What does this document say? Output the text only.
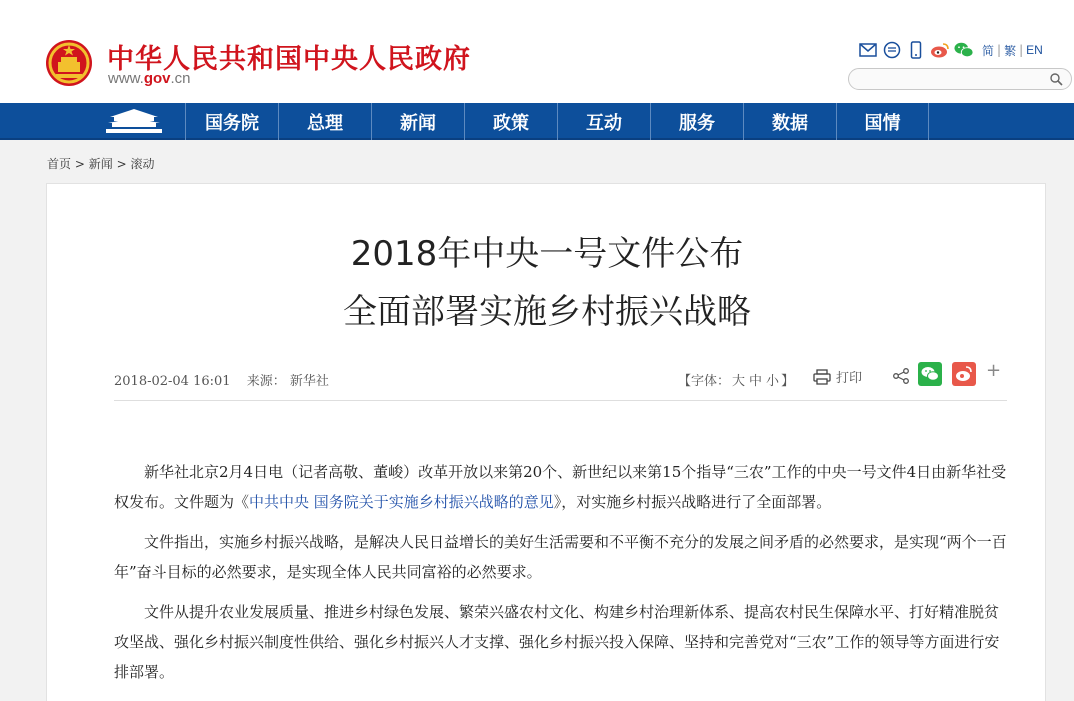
中华人民共和国中央人民政府
www.gov.cn
简 | 繁 | EN
国务院	总理	新闻	政策	互动	服务	数据	国情
首页 > 新闻 > 滚动
2018年中央一号文件公布
全面部署实施乡村振兴战略
2018-02-04 16:01 来源： 新华社	【字体： 大 中 小 】	打印	+

新华社北京2月4日电（记者高敬、董峻）改革开放以来第20个、新世纪以来第15个指导“三农”工作的中央一号文件4日由新华社受权发布。文件题为《中共中央 国务院关于实施乡村振兴战略的意见》，对实施乡村振兴战略进行了全面部署。

文件指出，实施乡村振兴战略，是解决人民日益增长的美好生活需要和不平衡不充分的发展之间矛盾的必然要求，是实现“两个一百年”奋斗目标的必然要求，是实现全体人民共同富裕的必然要求。

文件从提升农业发展质量、推进乡村绿色发展、繁荣兴盛农村文化、构建乡村治理新体系、提高农村民生保障水平、打好精准脱贫攻坚战、强化乡村振兴制度性供给、强化乡村振兴人才支撑、强化乡村振兴投入保障、坚持和完善党对“三农”工作的领导等方面进行安排部署。
